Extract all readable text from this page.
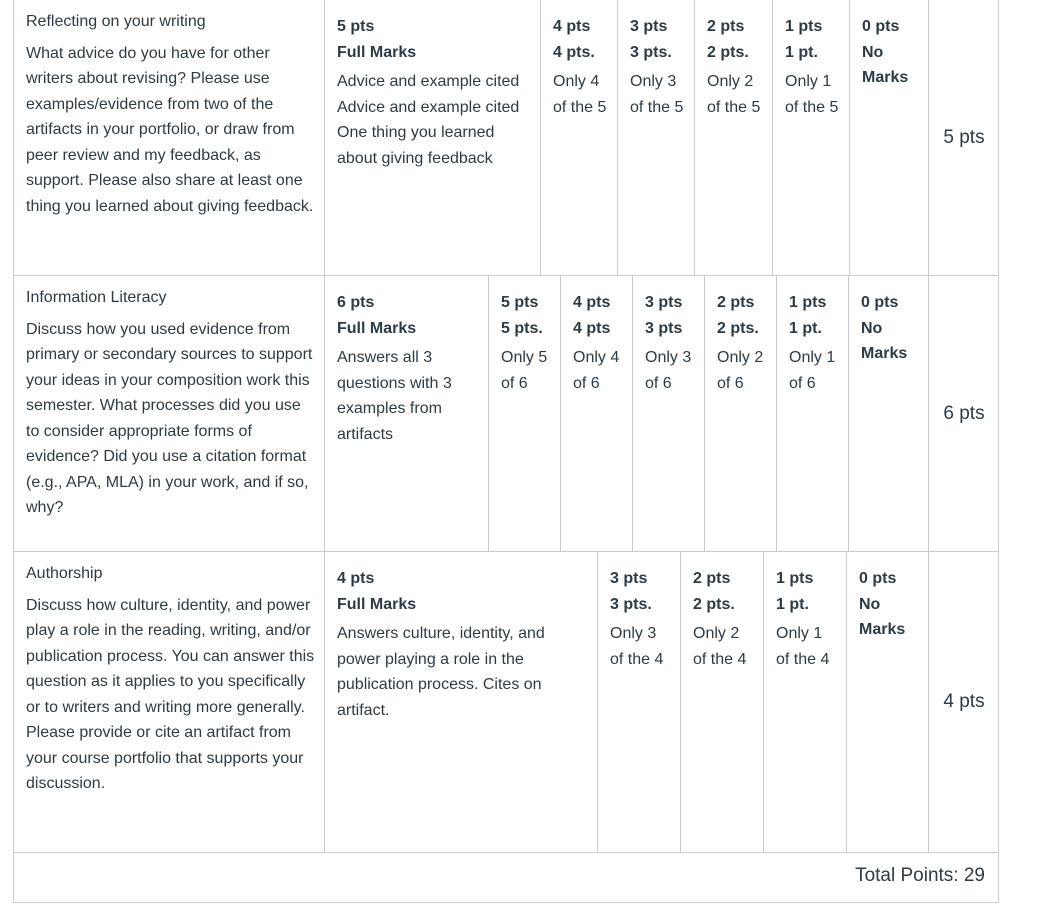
Reflecting on your writing
What advice do you have for other writers about revising? Please use examples/evidence from two of the artifacts in your portfolio, or draw from peer review and my feedback, as support. Please also share at least one thing you learned about giving feedback.
5 pts
Full Marks
Advice and example cited Advice and example cited One thing you learned about giving feedback
4 pts
4 pts.
Only 4 of the 5
3 pts
3 pts.
Only 3 of the 5
2 pts
2 pts.
Only 2 of the 5
1 pts
1 pt.
Only 1 of the 5
0 pts
No Marks
5 pts
Information Literacy
Discuss how you used evidence from primary or secondary sources to support your ideas in your composition work this semester. What processes did you use to consider appropriate forms of evidence? Did you use a citation format (e.g., APA, MLA) in your work, and if so, why?
6 pts
Full Marks
Answers all 3 questions with 3 examples from artifacts
5 pts
5 pts.
Only 5 of 6
4 pts
4 pts
Only 4 of 6
3 pts
3 pts
Only 3 of 6
2 pts
2 pts.
Only 2 of 6
1 pts
1 pt.
Only 1 of 6
0 pts
No Marks
6 pts
Authorship
Discuss how culture, identity, and power play a role in the reading, writing, and/or publication process. You can answer this question as it applies to you specifically or to writers and writing more generally. Please provide or cite an artifact from your course portfolio that supports your discussion.
4 pts
Full Marks
Answers culture, identity, and power playing a role in the publication process. Cites on artifact.
3 pts
3 pts.
Only 3 of the 4
2 pts
2 pts.
Only 2 of the 4
1 pts
1 pt.
Only 1 of the 4
0 pts
No Marks
4 pts
Total Points: 29
